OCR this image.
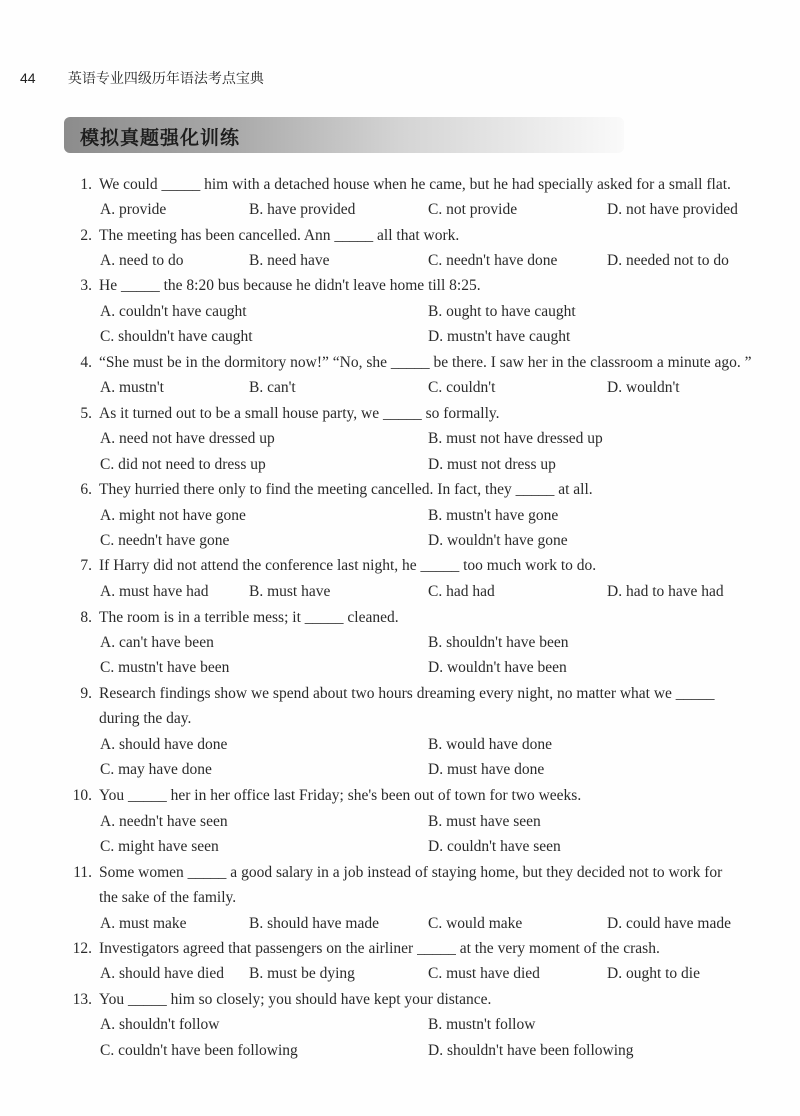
44 英语专业四级历年语法考点宝典
模拟真题强化训练
1. We could _____ him with a detached house when he came, but he had specially asked for a small flat.
A. provide	B. have provided	C. not provide	D. not have provided
2. The meeting has been cancelled. Ann _____ all that work.
A. need to do	B. need have	C. needn't have done	D. needed not to do
3. He _____ the 8:20 bus because he didn't leave home till 8:25.
A. couldn't have caught	B. ought to have caught
C. shouldn't have caught	D. mustn't have caught
4. “She must be in the dormitory now!” “No, she _____ be there. I saw her in the classroom a minute ago. ”
A. mustn't	B. can't	C. couldn't	D. wouldn't
5. As it turned out to be a small house party, we _____ so formally.
A. need not have dressed up	B. must not have dressed up
C. did not need to dress up	D. must not dress up
6. They hurried there only to find the meeting cancelled. In fact, they _____ at all.
A. might not have gone	B. mustn't have gone
C. needn't have gone	D. wouldn't have gone
7. If Harry did not attend the conference last night, he _____ too much work to do.
A. must have had	B. must have	C. had had	D. had to have had
8. The room is in a terrible mess; it _____ cleaned.
A. can't have been	B. shouldn't have been
C. mustn't have been	D. wouldn't have been
9. Research findings show we spend about two hours dreaming every night, no matter what we _____
during the day.
A. should have done	B. would have done
C. may have done	D. must have done
10. You _____ her in her office last Friday; she's been out of town for two weeks.
A. needn't have seen	B. must have seen
C. might have seen	D. couldn't have seen
11. Some women _____ a good salary in a job instead of staying home, but they decided not to work for
the sake of the family.
A. must make	B. should have made	C. would make	D. could have made
12. Investigators agreed that passengers on the airliner _____ at the very moment of the crash.
A. should have died B. must be dying	C. must have died	D. ought to die
13. You _____ him so closely; you should have kept your distance.
A. shouldn't follow	B. mustn't follow
C. couldn't have been following	D. shouldn't have been following
